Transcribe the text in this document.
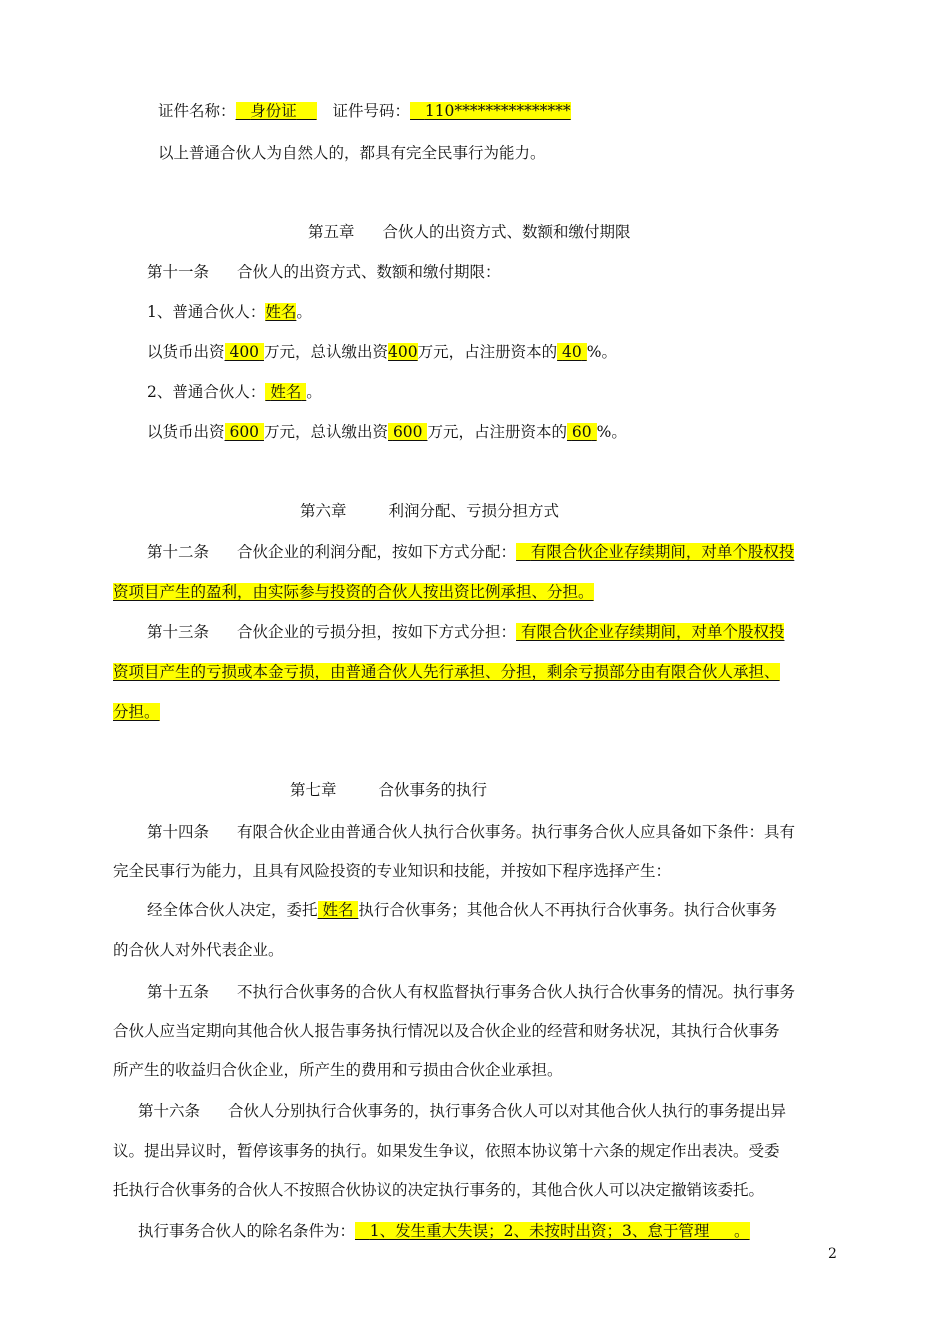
证件名称： 身份证 证件号码： 110***************
以上普通合伙人为自然人的，都具有完全民事行为能力。
第五章 合伙人的出资方式、数额和缴付期限
第十一条 合伙人的出资方式、数额和缴付期限：
1、普通合伙人：姓名。
以货币出资 400 万元，总认缴出资400万元，占注册资本的 40 %。
2、普通合伙人： 姓名 。
以货币出资 600 万元，总认缴出资 600 万元，占注册资本的 60 %。
第六章	利润分配、亏损分担方式
第十二条 合伙企业的利润分配，按如下方式分配： 有限合伙企业存续期间，对单个股权投
资项目产生的盈利，由实际参与投资的合伙人按出资比例承担、分担。
第十三条 合伙企业的亏损分担，按如下方式分担： 有限合伙企业存续期间，对单个股权投
资项目产生的亏损或本金亏损，由普通合伙人先行承担、分担，剩余亏损部分由有限合伙人承担、
分担。
第七章	合伙事务的执行
第十四条 有限合伙企业由普通合伙人执行合伙事务。执行事务合伙人应具备如下条件：具有
完全民事行为能力，且具有风险投资的专业知识和技能，并按如下程序选择产生：
经全体合伙人决定，委托 姓名 执行合伙事务；其他合伙人不再执行合伙事务。执行合伙事务
的合伙人对外代表企业。
第十五条 不执行合伙事务的合伙人有权监督执行事务合伙人执行合伙事务的情况。执行事务
合伙人应当定期向其他合伙人报告事务执行情况以及合伙企业的经营和财务状况，其执行合伙事务
所产生的收益归合伙企业，所产生的费用和亏损由合伙企业承担。
第十六条 合伙人分别执行合伙事务的，执行事务合伙人可以对其他合伙人执行的事务提出异
议。提出异议时，暂停该事务的执行。如果发生争议，依照本协议第十六条的规定作出表决。受委
托执行合伙事务的合伙人不按照合伙协议的决定执行事务的，其他合伙人可以决定撤销该委托。
执行事务合伙人的除名条件为： 1、发生重大失误；2、未按时出资；3、怠于管理 。
2
